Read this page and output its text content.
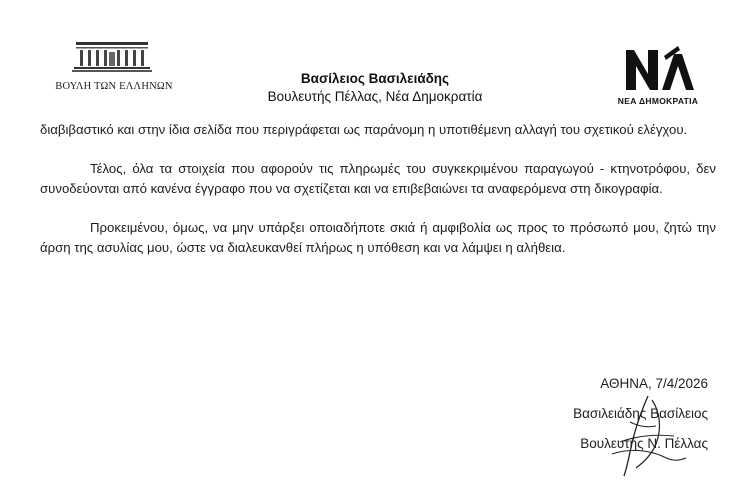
ΒΟΥΛΗ ΤΩΝ ΕΛΛΗΝΩΝ
Βασίλειος Βασιλειάδης
Βουλευτής Πέλλας, Νέα Δημοκρατία	ΝΕΑ ΔΗΜΟΚΡΑΤΙΑ

διαβιβαστικό και στην ίδια σελίδα που περιγράφεται ως παράνομη η υποτιθέμενη αλλαγή του σχετικού ελέγχου.

Τέλος, όλα τα στοιχεία που αφορούν τις πληρωμές του συγκεκριμένου παραγωγού - κτηνοτρόφου, δεν συνοδεύονται από κανένα έγγραφο που να σχετίζεται και να επιβεβαιώνει τα αναφερόμενα στη δικογραφία.

Προκειμένου, όμως, να μην υπάρξει οποιαδήποτε σκιά ή αμφιβολία ως προς το πρόσωπό μου, ζητώ την άρση της ασυλίας μου, ώστε να διαλευκανθεί πλήρως η υπόθεση και να λάμψει η αλήθεια.

ΑΘΗΝΑ, 7/4/2026
Βασιλειάδης Βασίλειος
Βουλευτής Ν. Πέλλας
